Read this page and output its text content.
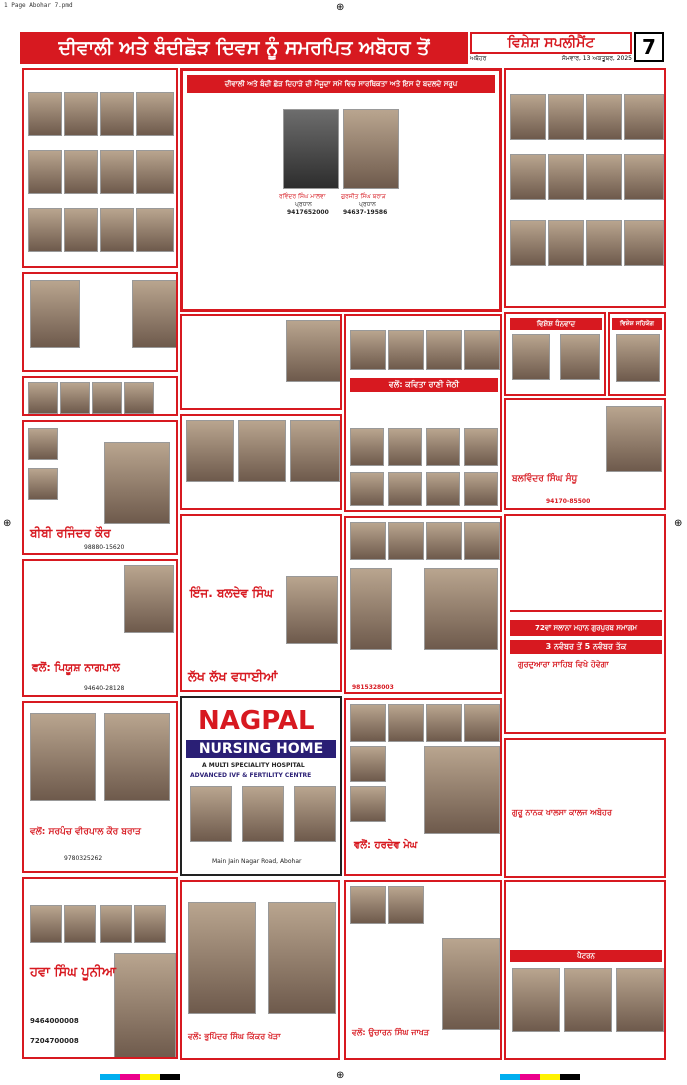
1 Page Abohar 7.pmd	⊕
⊕	⊕
⊕
ਦੀਵਾਲੀ ਅਤੇ ਬੰਦੀਛੋੜ ਦਿਵਸ ਨੂੰ ਸਮਰਪਿਤ ਅਬੋਹਰ ਤੋਂ	ਵਿਸ਼ੇਸ਼ ਸਪਲੀਮੈਂਟ	7
ਅਬੋਹਰ	ਸੋਮਵਾਰ, 13 ਅਕਤੂਬਰ, 2025
ਬੀਬੀ ਰਜਿੰਦਰ ਕੌਰ
98880-15620
ਵਲੋਂ: ਪਿਯੂਸ਼ ਨਾਗਪਾਲ
94640-28128
ਵਲੋਂ: ਸਰਪੰਚ ਵੀਰਪਾਲ ਕੌਰ ਬਰਾੜ
9780325262
ਹਵਾ ਸਿੰਘ ਪੂਨੀਆ
9464000008
7204700008
ਦੀਵਾਲੀ ਅਤੇ ਬੰਦੀ ਛੋੜ ਦਿਹਾੜੇ ਦੀ ਮੌਜੂਦਾ ਸਮੇਂ ਵਿਚ ਸਾਰਥਿਕਤਾ ਅਤੇ ਇਸ ਦੇ ਬਦਲਦੇ ਸਰੂਪ
ਰਵਿੰਦਰ ਸਿੰਘ ਮਾਲਵਾ
ਪ੍ਰਧਾਨ
9417652000
ਗੁਰਜੀਤ ਸਿੰਘ ਬਰਾੜ
ਪ੍ਰਧਾਨ
94637-19586
ਇੰਜ. ਬਲਦੇਵ ਸਿੰਘ
ਲੱਖ ਲੱਖ ਵਧਾਈਆਂ
NAGPAL
NURSING HOME
A MULTI SPECIALITY HOSPITAL
ADVANCED IVF & FERTILITY CENTRE
Main Jain Nagar Road, Abohar
ਵਲੋਂ: ਭੁਪਿੰਦਰ ਸਿੰਘ ਕਿੱਕਰ ਖੇੜਾ
ਵਲੋਂ: ਕਵਿਤਾ ਰਾਣੀ ਜੇਠੀ
9815328003
ਵਲੋਂ: ਹਰਦੇਵ ਮੇਘ
ਵਲੋਂ: ਉਚਾਰਨ ਸਿੰਘ ਜਾਖੜ
ਵਿਸ਼ੇਸ਼ ਧੰਨਵਾਦ	ਵਿਸ਼ੇਸ਼ ਸਹਿਯੋਗ
ਬਲਵਿੰਦਰ ਸਿੰਘ ਸੰਧੂ
94170-85500
72ਵਾਂ ਸਲਾਨਾ ਮਹਾਨ ਗੁਰਪੁਰਬ ਸਮਾਗਮ
3 ਨਵੰਬਰ ਤੋਂ 5 ਨਵੰਬਰ ਤੱਕ
ਗੁਰਦੁਆਰਾ ਸਾਹਿਬ ਵਿਖੇ ਹੋਵੇਗਾ
ਗੁਰੂ ਨਾਨਕ ਖਾਲਸਾ ਕਾਲਜ ਅਬੋਹਰ
ਪੈਟਰਨ
